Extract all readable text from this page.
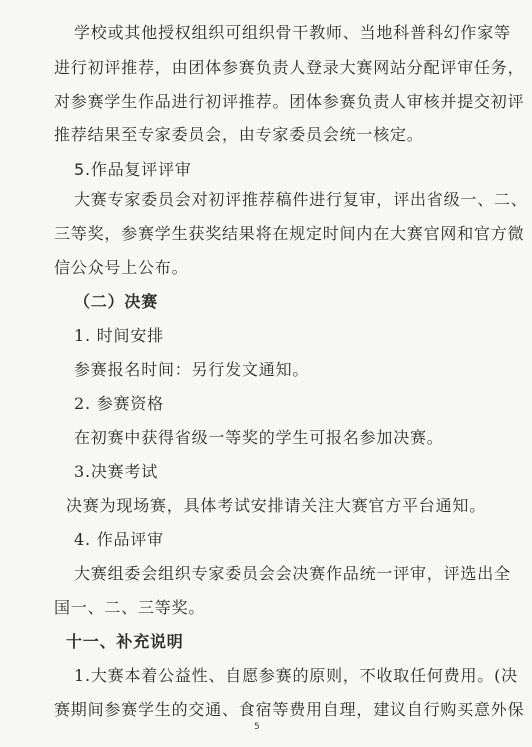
学校或其他授权组织可组织骨干教师、当地科普科幻作家等
进行初评推荐，由团体参赛负责人登录大赛网站分配评审任务，
对参赛学生作品进行初评推荐。团体参赛负责人审核并提交初评
推荐结果至专家委员会，由专家委员会统一核定。
5.作品复评评审
大赛专家委员会对初评推荐稿件进行复审，评出省级一、二、
三等奖，参赛学生获奖结果将在规定时间内在大赛官网和官方微
信公众号上公布。
（二）决赛
1. 时间安排
参赛报名时间：另行发文通知。
2. 参赛资格
在初赛中获得省级一等奖的学生可报名参加决赛。
3.决赛考试
决赛为现场赛，具体考试安排请关注大赛官方平台通知。
4. 作品评审
大赛组委会组织专家委员会会决赛作品统一评审，评选出全
国一、二、三等奖。
十一、补充说明
1.大赛本着公益性、自愿参赛的原则，不收取任何费用。(决
赛期间参赛学生的交通、食宿等费用自理，建议自行购买意外保
5
